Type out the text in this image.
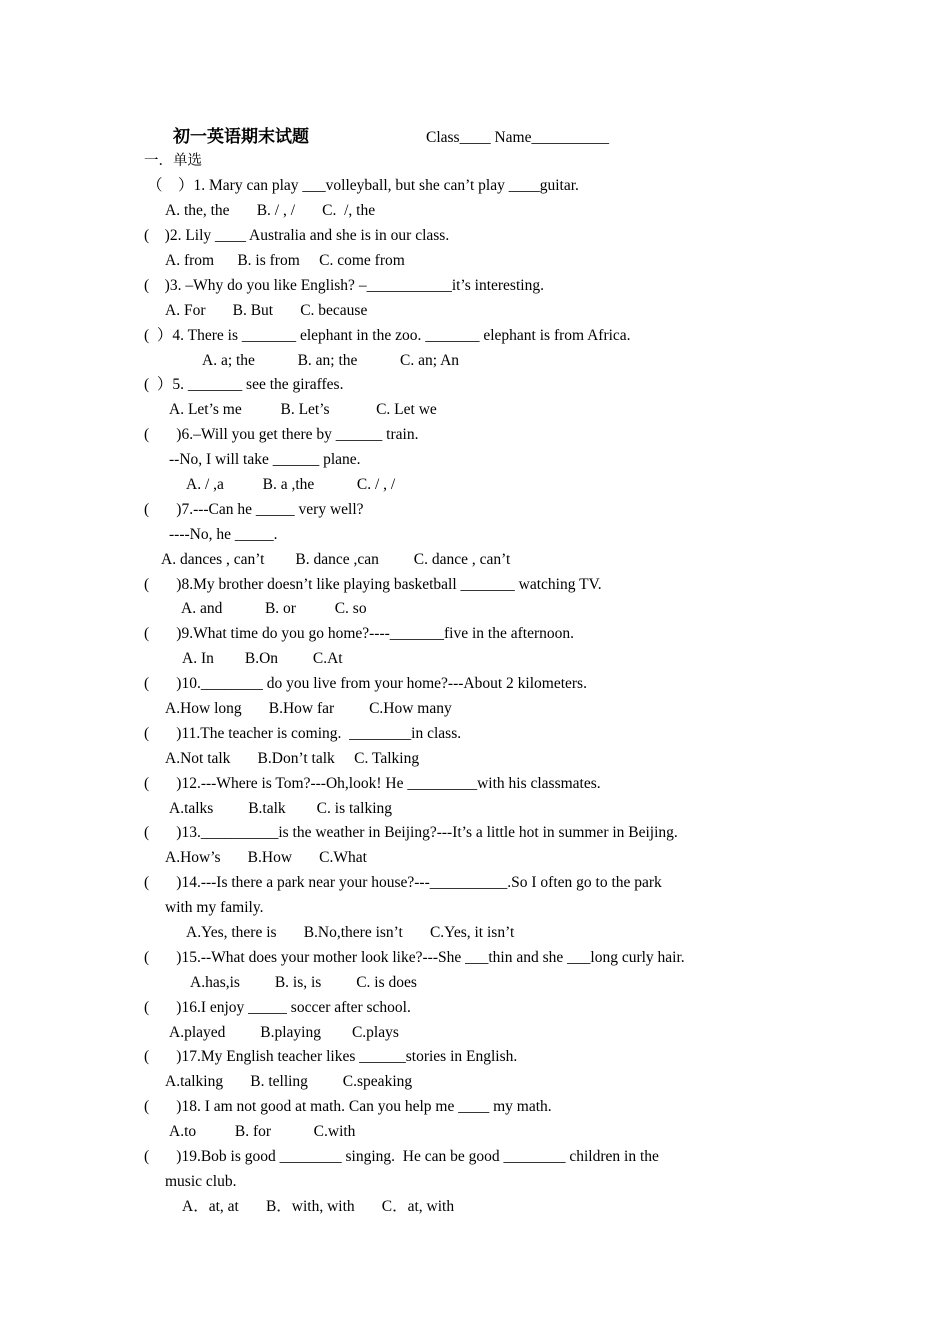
初一英语期末试题	Class____ Name__________
一．单选
（　）1. Mary can play ___volleyball, but she can’t play ____guitar.
A. the, the       B. / , /       C.  /, the
(    )2. Lily ____ Australia and she is in our class.
A. from      B. is from     C. come from
(    )3. –Why do you like English? –___________it’s interesting.
A. For       B. But       C. because
(  ）4. There is _______ elephant in the zoo. _______ elephant is from Africa.
A. a; the           B. an; the           C. an; An
(  ）5. _______ see the giraffes.
A. Let’s me          B. Let’s            C. Let we
(       )6.–Will you get there by ______ train.
--No, I will take ______ plane.
A. / ,a          B. a ,the           C. / , /
(       )7.---Can he _____ very well?
----No, he _____.
A. dances , can’t        B. dance ,can         C. dance , can’t
(       )8.My brother doesn’t like playing basketball _______ watching TV.
A. and           B. or          C. so
(       )9.What time do you go home?----_______five in the afternoon.
A. In        B.On         C.At
(       )10.________ do you live from your home?---About 2 kilometers.
A.How long       B.How far         C.How many
(       )11.The teacher is coming.  ________in class.
A.Not talk       B.Don’t talk     C. Talking
(       )12.---Where is Tom?---Oh,look! He _________with his classmates.
A.talks         B.talk        C. is talking
(       )13.__________is the weather in Beijing?---It’s a little hot in summer in Beijing.
A.How’s       B.How       C.What
(       )14.---Is there a park near your house?---__________.So I often go to the park
with my family.
A.Yes, there is       B.No,there isn’t       C.Yes, it isn’t
(       )15.--What does your mother look like?---She ___thin and she ___long curly hair.
A.has,is         B. is, is         C. is does
(       )16.I enjoy _____ soccer after school.
A.played         B.playing        C.plays
(       )17.My English teacher likes ______stories in English.
A.talking       B. telling         C.speaking
(       )18. I am not good at math. Can you help me ____ my math.
A.to          B. for           C.with
(       )19.Bob is good ________ singing.  He can be good ________ children in the
music club.
A．at, at       B．with, with       C．at, with
